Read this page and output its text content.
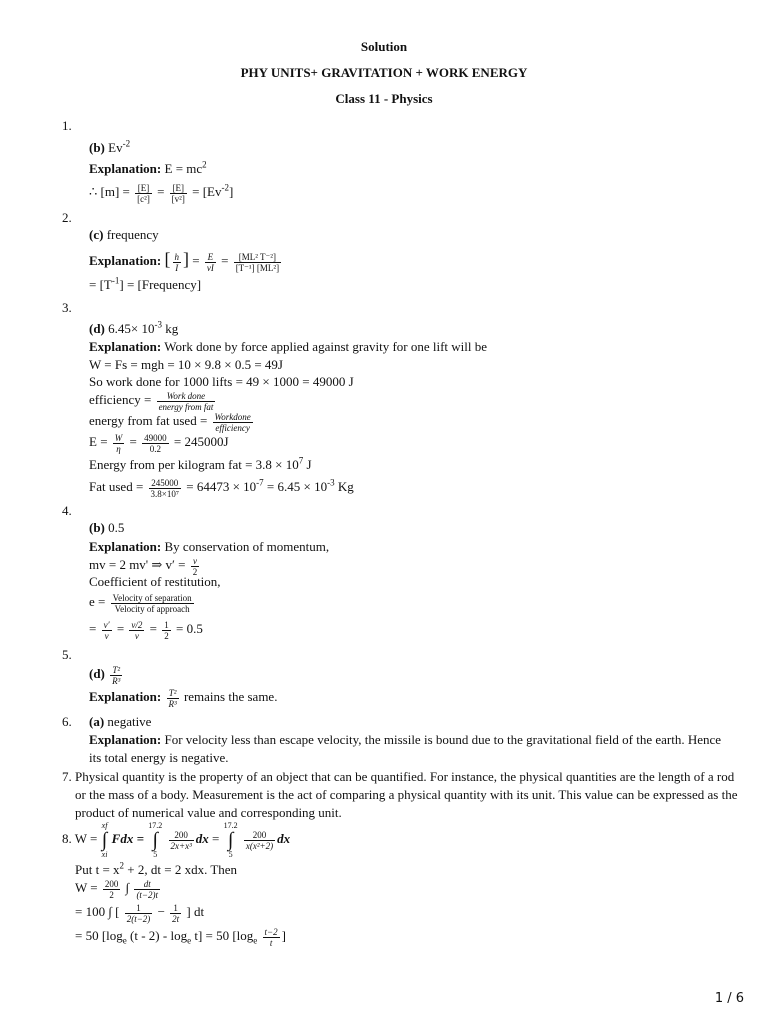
Solution
PHY UNITS+ GRAVITATION + WORK ENERGY
Class 11 - Physics
1.
(b) $Ev^{-2}$
Explanation: $E = mc^2$
∴ $[m] = \frac{[E]}{\text{[c²]}} = \frac{[E]}{\text{[v²]}} = [Ev^{-2}]$
2.
(c) frequency
Explanation: [ $\frac{h}{I}$ ] = $\frac{E}{vI} = \frac{\text{[ML² T⁻²]}}{\text{[T⁻¹] [ML²]}}$
= $[T^{-1}]$ = [Frequency]
3.
(d) $6.45\times 10^{-3}$ kg
Explanation: Work done by force applied against gravity for one lift will be
W = Fs = mgh = 10 × 9.8 × 0.5 = 49J
So work done for 1000 lifts = 49 × 1000 = 49000 J
efficiency = $\frac{\text{Work done}}{\text{energy from fat}}$
energy from fat used = $\frac{\text{Workdone}}{\text{efficiency}}$
$E = \frac{W}{\eta} = \frac{49000}{0.2} = 245000J$
Energy from per kilogram fat = $3.8 \times 10^7$ J
Fat used = $\frac{245000}{\text{3.8×10⁷}} = 64473 \times 10^{-7} = 6.45 \times 10^{-3}$ Kg
4.
(b) 0.5
Explanation: By conservation of momentum,
mv = 2 mv' ⇒ $v' = \frac{v}{2}$
Coefficient of restitution,
$e = \frac{\text{Velocity of separation}}{\text{Velocity of approach}}$
= $\frac{v'}{v} = \frac{v/2}{v} = \frac{1}{2} = 0.5$
5.
$(d) \frac{\text{T²}}{\text{R³}}$
Explanation: $\frac{\text{T²}}{\text{R³}}$ remains the same.
6. (a) negative
Explanation: For velocity less than escape velocity, the missile is bound due to the gravitational field of the earth. Hence its total energy is negative.
7. Physical quantity is the property of an object that can be quantified. For instance, the physical quantities are the length of a rod or the mass of a body. Measurement is the act of comparing a physical quantity with its unit. This value can be expressed as the product of numerical value and corresponding unit.
8. W = xf
∫
xi Fdx = 17.2
∫
5
$\frac{200}{\text{2x+x³}}$ dx = 17.2
∫
5
$\frac{200}{\text{x(x²+2)}}$ dx
Put $t = x^2 + 2$, dt = 2 xdx. Then
$W = \frac{200}{2}$ ∫ $\frac{dt}{(t-2)t}$
= 100 ∫ [ $\frac{1}{2(t-2)} - \frac{1}{2t}$ ] dt
= 50 [$\log_e$ $(t - 2) - \log_e t] = 50$ [$\log_e \frac{t-2}{t}$ ]
1 / 6
